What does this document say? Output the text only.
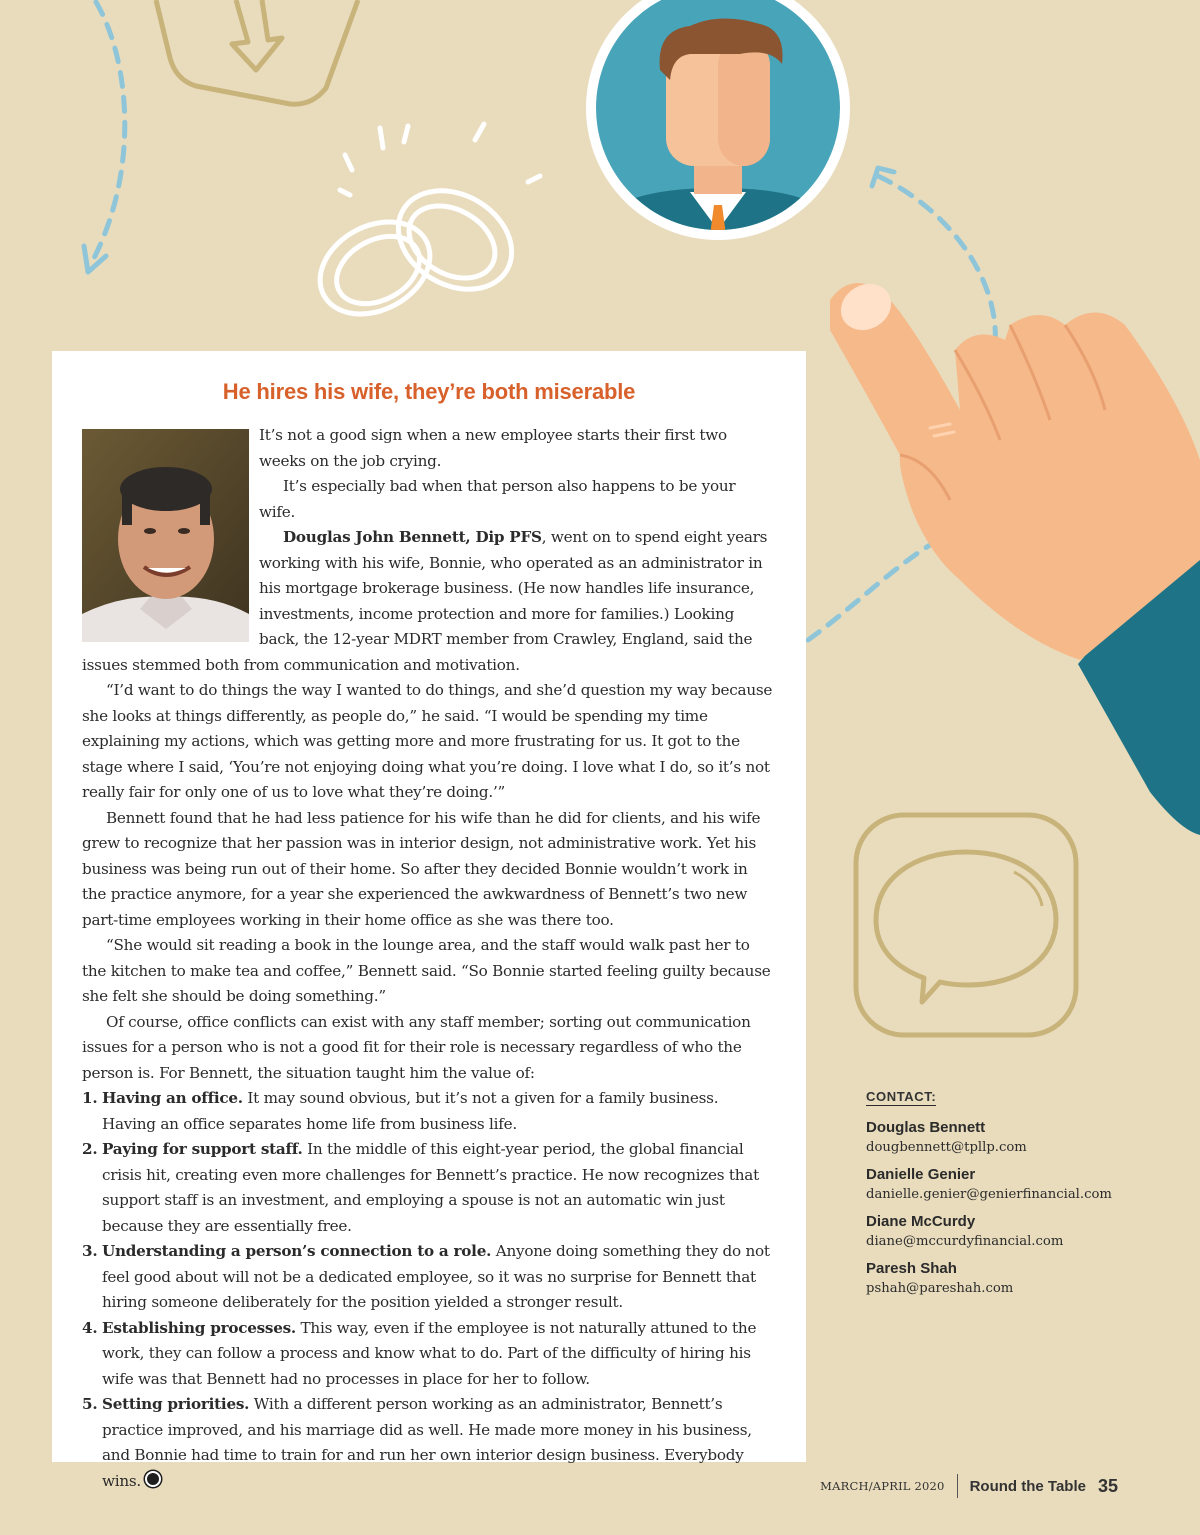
He hires his wife, they’re both miserable

It’s not a good sign when a new employee starts their first two weeks on the job crying.

It’s especially bad when that person also happens to be your wife.

Douglas John Bennett, Dip PFS, went on to spend eight years working with his wife, Bonnie, who operated as an administrator in his mortgage brokerage business. (He now handles life insurance, investments, income protection and more for families.) Looking back, the 12-year MDRT member from Crawley, England, said the issues stemmed both from communication and motivation.

“I’d want to do things the way I wanted to do things, and she’d question my way because she looks at things differently, as people do,” he said. “I would be spending my time explaining my actions, which was getting more and more frustrating for us. It got to the stage where I said, ‘You’re not enjoying doing what you’re doing. I love what I do, so it’s not really fair for only one of us to love what they’re doing.’”

Bennett found that he had less patience for his wife than he did for clients, and his wife grew to recognize that her passion was in interior design, not administrative work. Yet his business was being run out of their home. So after they decided Bonnie wouldn’t work in the practice anymore, for a year she experienced the awkwardness of Bennett’s two new part-time employees working in their home office as she was there too.

“She would sit reading a book in the lounge area, and the staff would walk past her to the kitchen to make tea and coffee,” Bennett said. “So Bonnie started feeling guilty because she felt she should be doing something.”

Of course, office conflicts can exist with any staff member; sorting out communication issues for a person who is not a good fit for their role is necessary regardless of who the person is. For Bennett, the situation taught him the value of:

1. Having an office. It may sound obvious, but it’s not a given for a family business. Having an office separates home life from business life.
2. Paying for support staff. In the middle of this eight-year period, the global financial crisis hit, creating even more challenges for Bennett’s practice. He now recognizes that support staff is an investment, and employing a spouse is not an automatic win just because they are essentially free.
3. Understanding a person’s connection to a role. Anyone doing something they do not feel good about will not be a dedicated employee, so it was no surprise for Bennett that hiring someone deliberately for the position yielded a stronger result.
4. Establishing processes. This way, even if the employee is not naturally attuned to the work, they can follow a process and know what to do. Part of the difficulty of hiring his wife was that Bennett had no processes in place for her to follow.
5. Setting priorities. With a different person working as an administrator, Bennett’s practice improved, and his marriage did as well. He made more money in his business, and Bonnie had time to train for and run her own interior design business. Everybody wins.
CONTACT:
Douglas Bennett
dougbennett@tpllp.com
Danielle Genier
danielle.genier@genierfinancial.com
Diane McCurdy
diane@mccurdyfinancial.com
Paresh Shah
pshah@pareshah.com
MARCH/APRIL 2020 Round the Table 35
